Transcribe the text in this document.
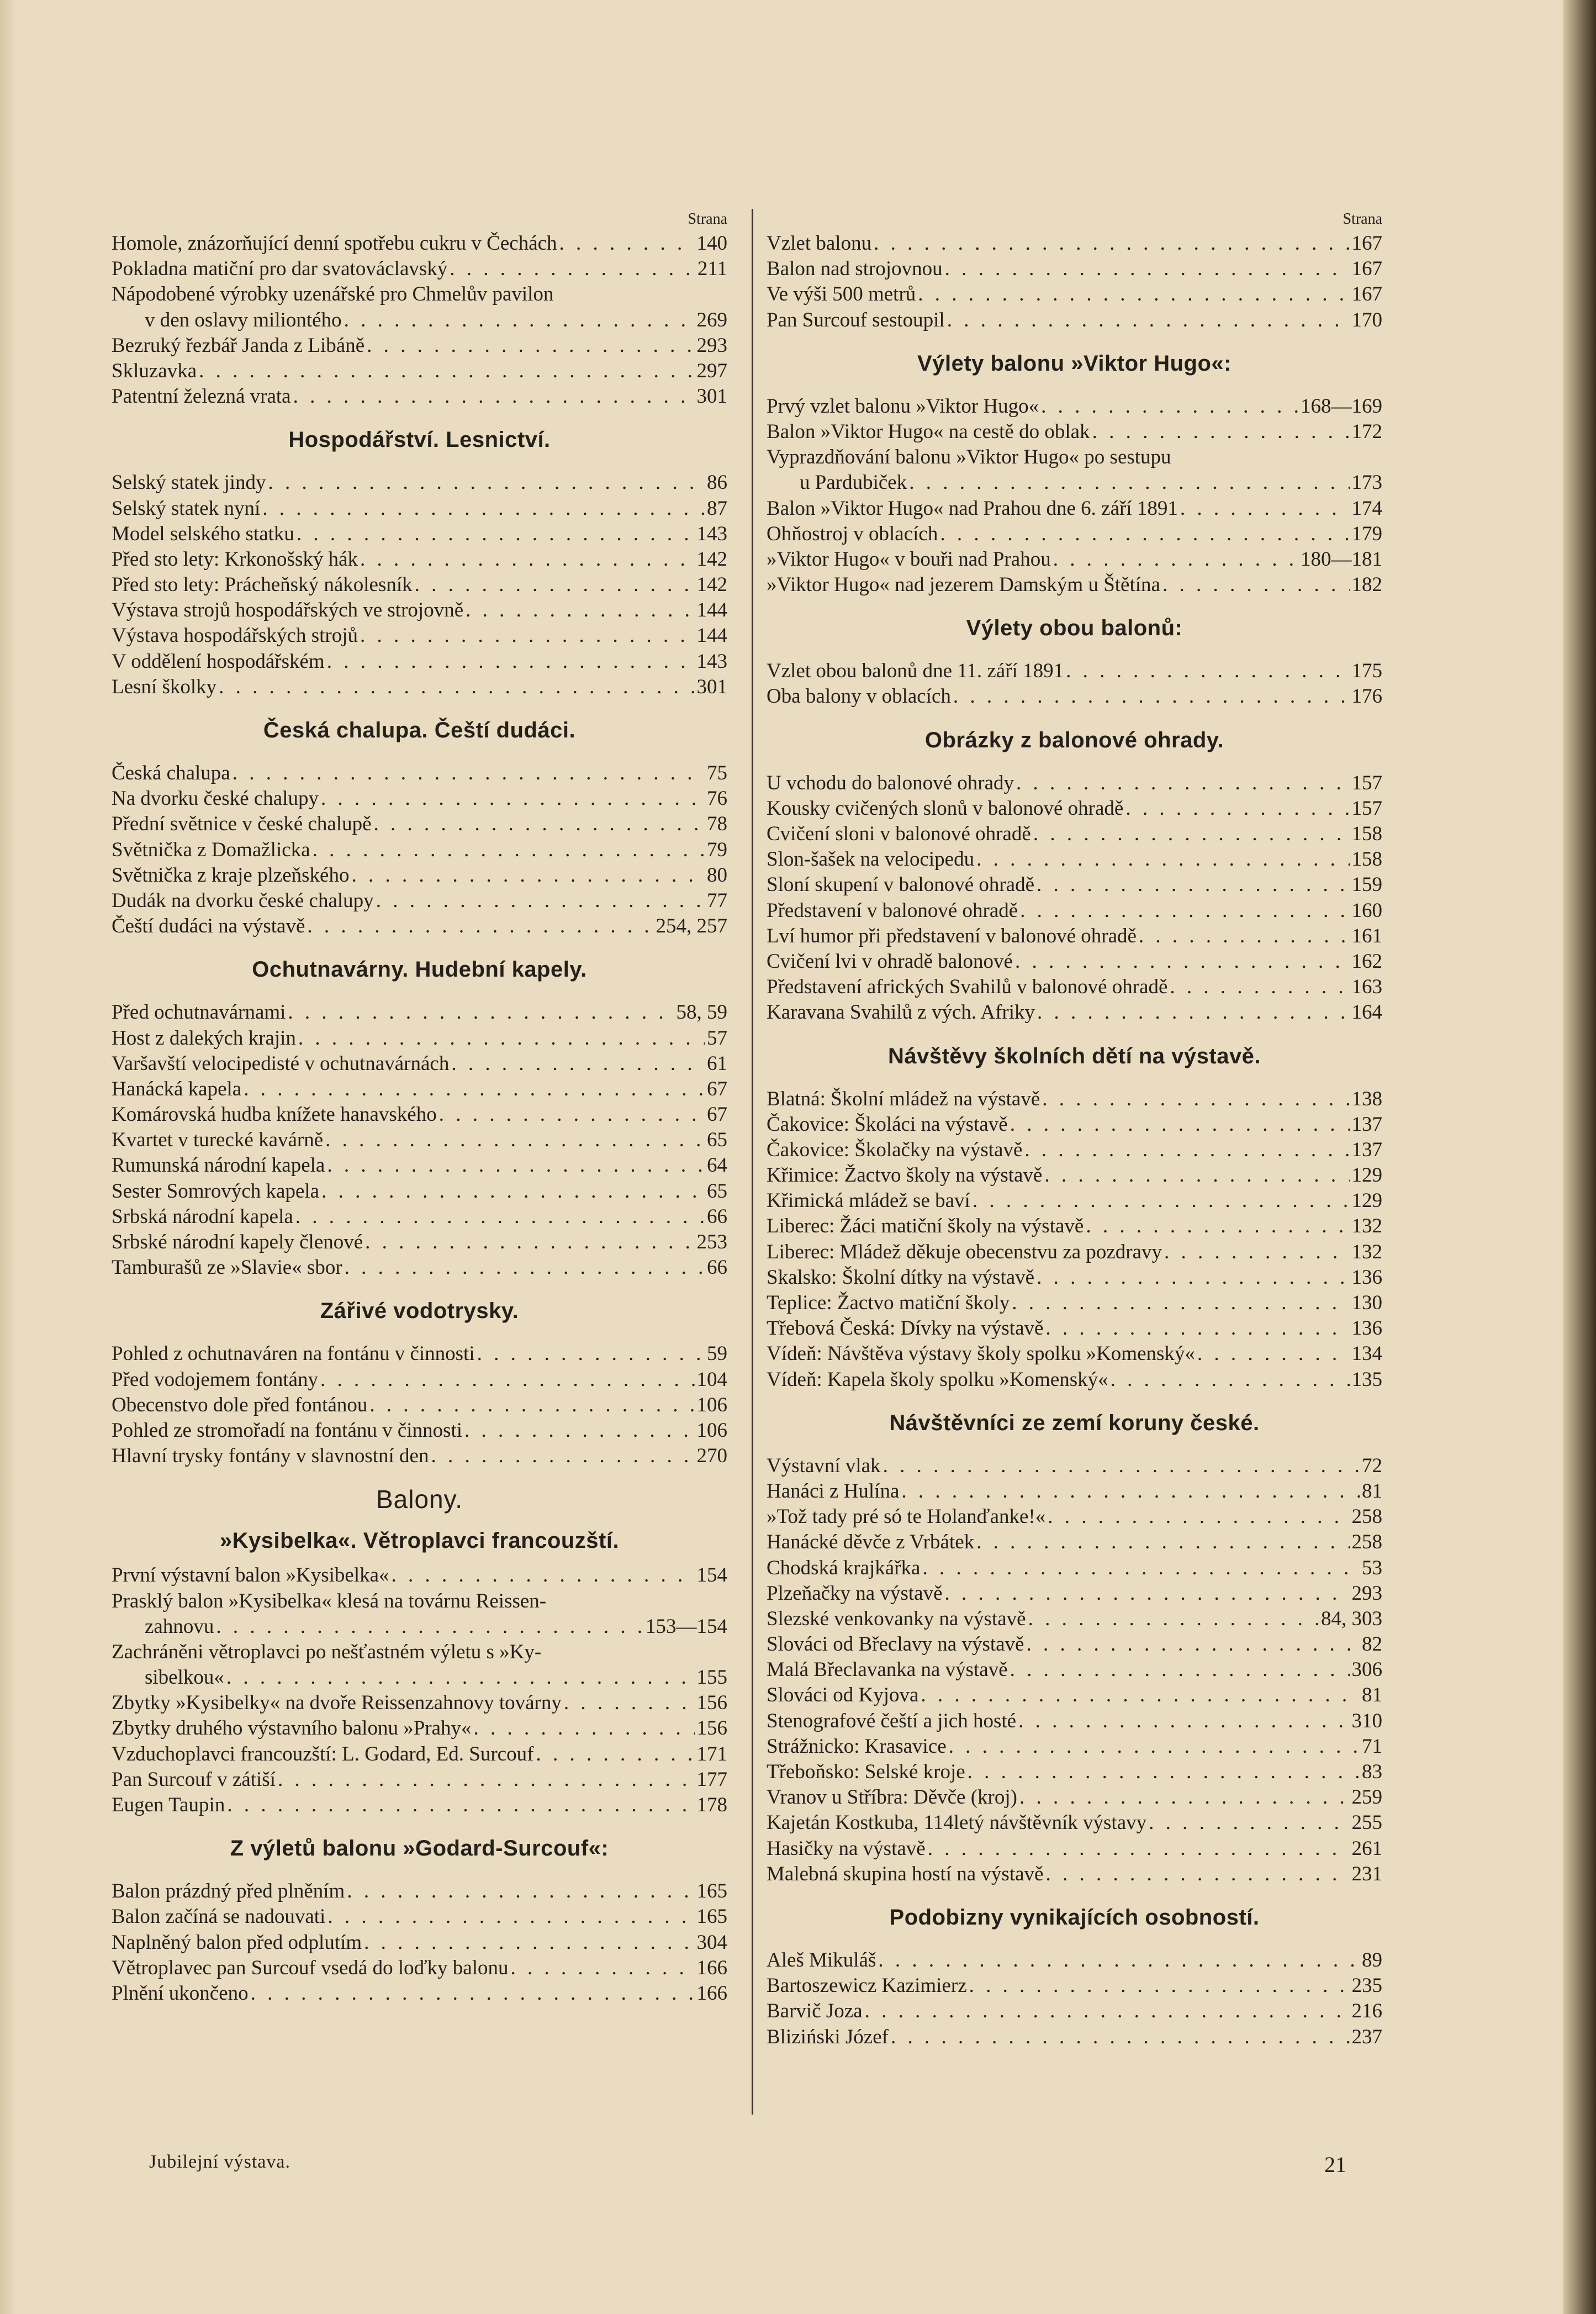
Strana
Homole, znázorňující denní spotřebu cukru v Čechách . . .	140
Pokladna matiční pro dar svatováclavský . . .	211
Nápodobené výrobky uzenářské pro Chmelův pavilon
v den oslavy miliontého . . .	269
Bezruký řezbář Janda z Libáně . . .	293
Skluzavka . . .	297
Patentní železná vrata . . .	301
Hospodářství. Lesnictví.
Selský statek jindy . . .	86
Selský statek nyní . . .	87
Model selského statku . . .	143
Před sto lety: Krkonošský hák . . .	142
Před sto lety: Prácheňský nákolesník . . .	142
Výstava strojů hospodářských ve strojovně . . .	144
Výstava hospodářských strojů . . .	144
V oddělení hospodářském . . .	143
Lesní školky . . .	301
Česká chalupa. Čeští dudáci.
Česká chalupa . . .	75
Na dvorku české chalupy . . .	76
Přední světnice v české chalupě . . .	78
Světnička z Domažlicka . . .	79
Světnička z kraje plzeňského . . .	80
Dudák na dvorku české chalupy . . .	77
Čeští dudáci na výstavě . . .	254, 257
Ochutnavárny. Hudební kapely.
Před ochutnavárnami . . .	58, 59
Host z dalekých krajin . . .	57
Varšavští velocipedisté v ochutnavárnách . . .	61
Hanácká kapela . . .	67
Komárovská hudba knížete hanavského . . .	67
Kvartet v turecké kavárně . . .	65
Rumunská národní kapela . . .	64
Sester Somrových kapela . . .	65
Srbská národní kapela . . .	66
Srbské národní kapely členové . . .	253
Tamburašů ze »Slavie« sbor . . .	66
Zářivé vodotrysky.
Pohled z ochutnaváren na fontánu v činnosti . . .	59
Před vodojemem fontány . . .	104
Obecenstvo dole před fontánou . . .	106
Pohled ze stromořadí na fontánu v činnosti . . .	106
Hlavní trysky fontány v slavnostní den . . .	270
Balony.
»Kysibelka«. Větroplavci francouzští.
První výstavní balon »Kysibelka« . . .	154
Prasklý balon »Kysibelka« klesá na továrnu Reissen-
zahnovu . . .	153—154
Zachráněni větroplavci po nešťastném výletu s »Ky-
sibelkou« . . .	155
Zbytky »Kysibelky« na dvoře Reissenzahnovy továrny . . .	156
Zbytky druhého výstavního balonu »Prahy« . . .	156
Vzduchoplavci francouzští: L. Godard, Ed. Surcouf . . .	171
Pan Surcouf v zátiší . . .	177
Eugen Taupin . . .	178
Z výletů balonu »Godard-Surcouf«:
Balon prázdný před plněním . . .	165
Balon začíná se nadouvati . . .	165
Naplněný balon před odplutím . . .	304
Větroplavec pan Surcouf vsedá do loďky balonu . . .	166
Plnění ukončeno . . .	166
Strana
Vzlet balonu . . .	167
Balon nad strojovnou . . .	167
Ve výši 500 metrů . . .	167
Pan Surcouf sestoupil . . .	170
Výlety balonu »Viktor Hugo«:
Prvý vzlet balonu »Viktor Hugo« . . .	168—169
Balon »Viktor Hugo« na cestě do oblak . . .	172
Vyprazdňování balonu »Viktor Hugo« po sestupu
u Pardubiček . . .	173
Balon »Viktor Hugo« nad Prahou dne 6. září 1891 . . .	174
Ohňostroj v oblacích . . .	179
»Viktor Hugo« v bouři nad Prahou . . .	180—181
»Viktor Hugo« nad jezerem Damským u Štětína . . .	182
Výlety obou balonů:
Vzlet obou balonů dne 11. září 1891 . . .	175
Oba balony v oblacích . . .	176
Obrázky z balonové ohrady.
U vchodu do balonové ohrady . . .	157
Kousky cvičených slonů v balonové ohradě . . .	157
Cvičení sloni v balonové ohradě . . .	158
Slon-šašek na velocipedu . . .	158
Sloní skupení v balonové ohradě . . .	159
Představení v balonové ohradě . . .	160
Lví humor při představení v balonové ohradě . . .	161
Cvičení lvi v ohradě balonové . . .	162
Představení afrických Svahilů v balonové ohradě . . .	163
Karavana Svahilů z vých. Afriky . . .	164
Návštěvy školních dětí na výstavě.
Blatná: Školní mládež na výstavě . . .	138
Čakovice: Školáci na výstavě . . .	137
Čakovice: Školačky na výstavě . . .	137
Křimice: Žactvo školy na výstavě . . .	129
Křimická mládež se baví . . .	129
Liberec: Žáci matiční školy na výstavě . . .	132
Liberec: Mládež děkuje obecenstvu za pozdravy . . .	132
Skalsko: Školní dítky na výstavě . . .	136
Teplice: Žactvo matiční školy . . .	130
Třebová Česká: Dívky na výstavě . . .	136
Vídeň: Návštěva výstavy školy spolku »Komenský« . . .	134
Vídeň: Kapela školy spolku »Komenský« . . .	135
Návštěvníci ze zemí koruny české.
Výstavní vlak . . .	72
Hanáci z Hulína . . .	81
»Tož tady pré só te Holanďanke!« . . .	258
Hanácké děvče z Vrbátek . . .	258
Chodská krajkářka . . .	53
Plzeňačky na výstavě . . .	293
Slezské venkovanky na výstavě . . .	84, 303
Slováci od Břeclavy na výstavě . . .	82
Malá Břeclavanka na výstavě . . .	306
Slováci od Kyjova . . .	81
Stenografové čeští a jich hosté . . .	310
Strážnicko: Krasavice . . .	71
Třeboňsko: Selské kroje . . .	83
Vranov u Stříbra: Děvče (kroj) . . .	259
Kajetán Kostkuba, 114letý návštěvník výstavy . . .	255
Hasičky na výstavě . . .	261
Malebná skupina hostí na výstavě . . .	231
Podobizny vynikajících osobností.
Aleš Mikuláš . . .	89
Bartoszewicz Kazimierz . . .	235
Barvič Joza . . .	216
Bliziński Józef . . .	237
Jubilejní výstava.	21
